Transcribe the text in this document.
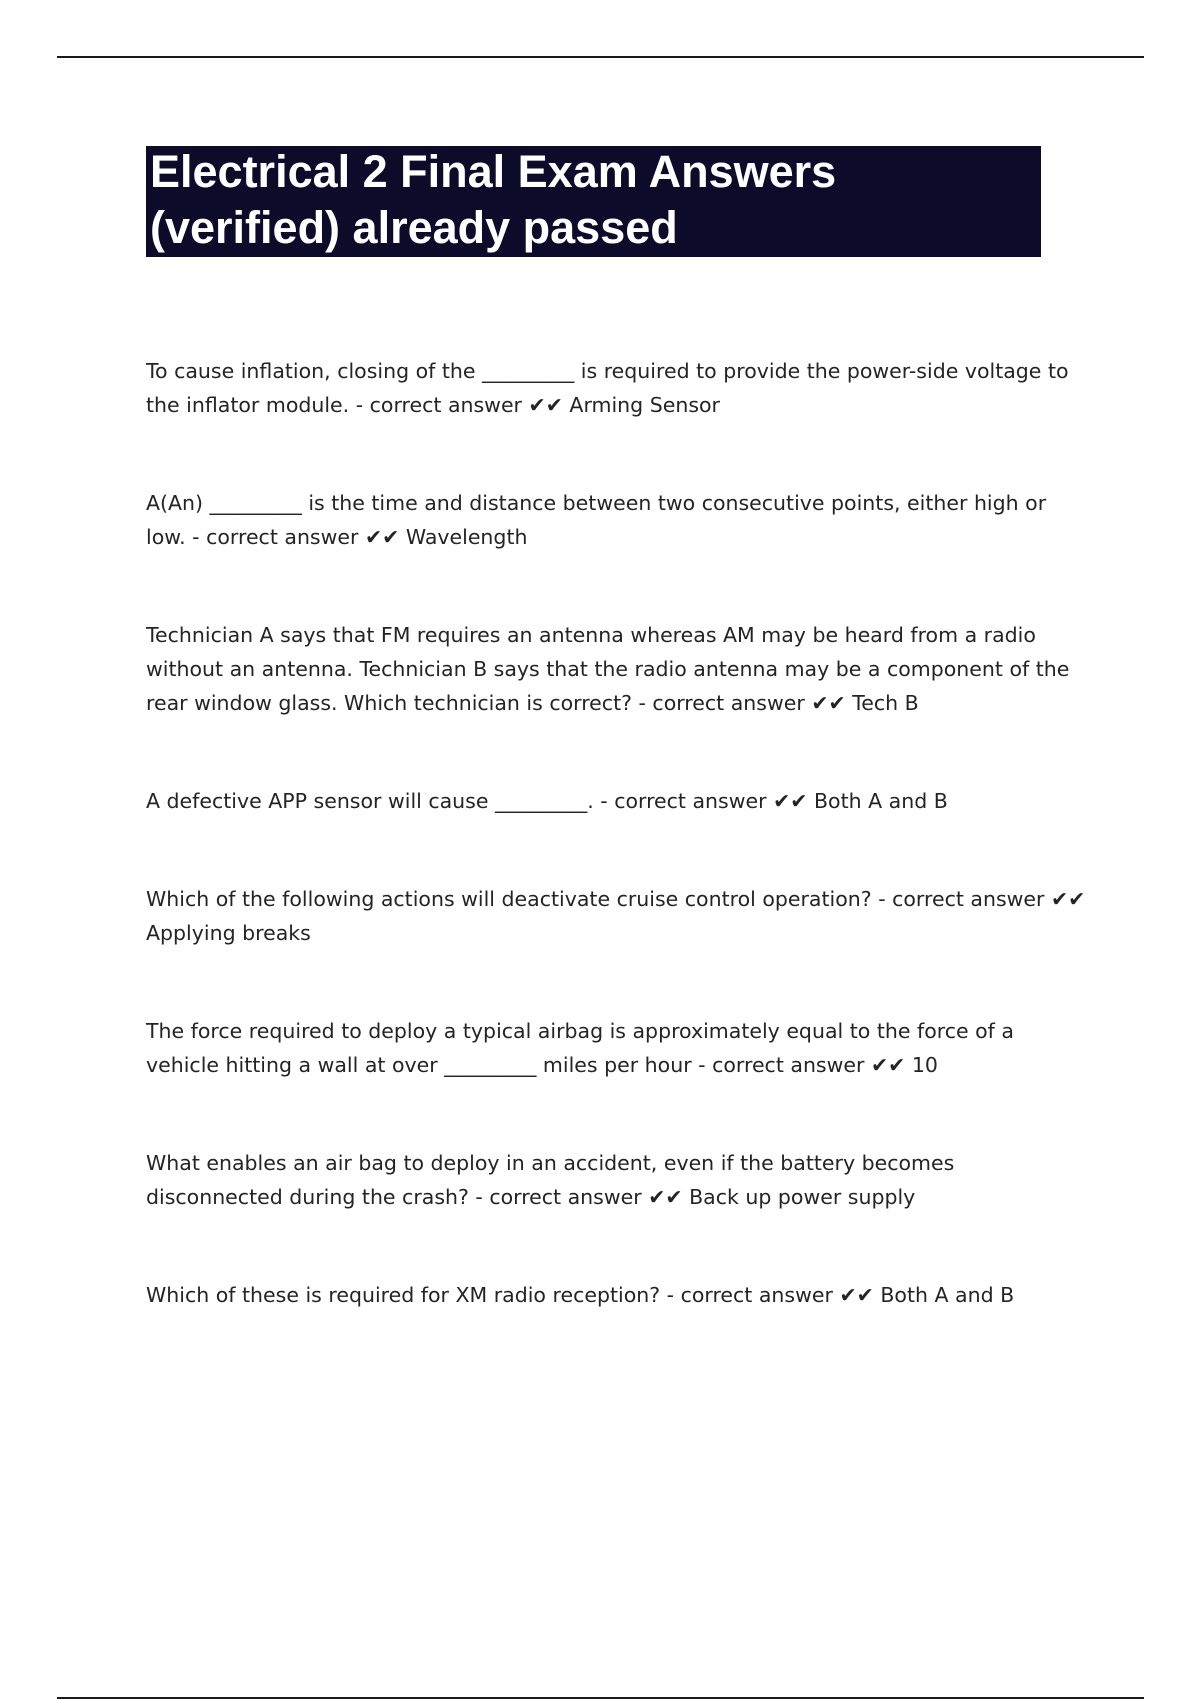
Electrical 2 Final Exam Answers (verified) already passed
To cause inflation, closing of the _________ is required to provide the power-side voltage to the inflator module. - correct answer ✔✔ Arming Sensor
A(An) _________ is the time and distance between two consecutive points, either high or low. - correct answer ✔✔ Wavelength
Technician A says that FM requires an antenna whereas AM may be heard from a radio without an antenna. Technician B says that the radio antenna may be a component of the rear window glass. Which technician is correct? - correct answer ✔✔ Tech B
A defective APP sensor will cause _________. - correct answer ✔✔ Both A and B
Which of the following actions will deactivate cruise control operation? - correct answer ✔✔ Applying breaks
The force required to deploy a typical airbag is approximately equal to the force of a vehicle hitting a wall at over _________ miles per hour - correct answer ✔✔ 10
What enables an air bag to deploy in an accident, even if the battery becomes disconnected during the crash? - correct answer ✔✔ Back up power supply
Which of these is required for XM radio reception? - correct answer ✔✔ Both A and B
